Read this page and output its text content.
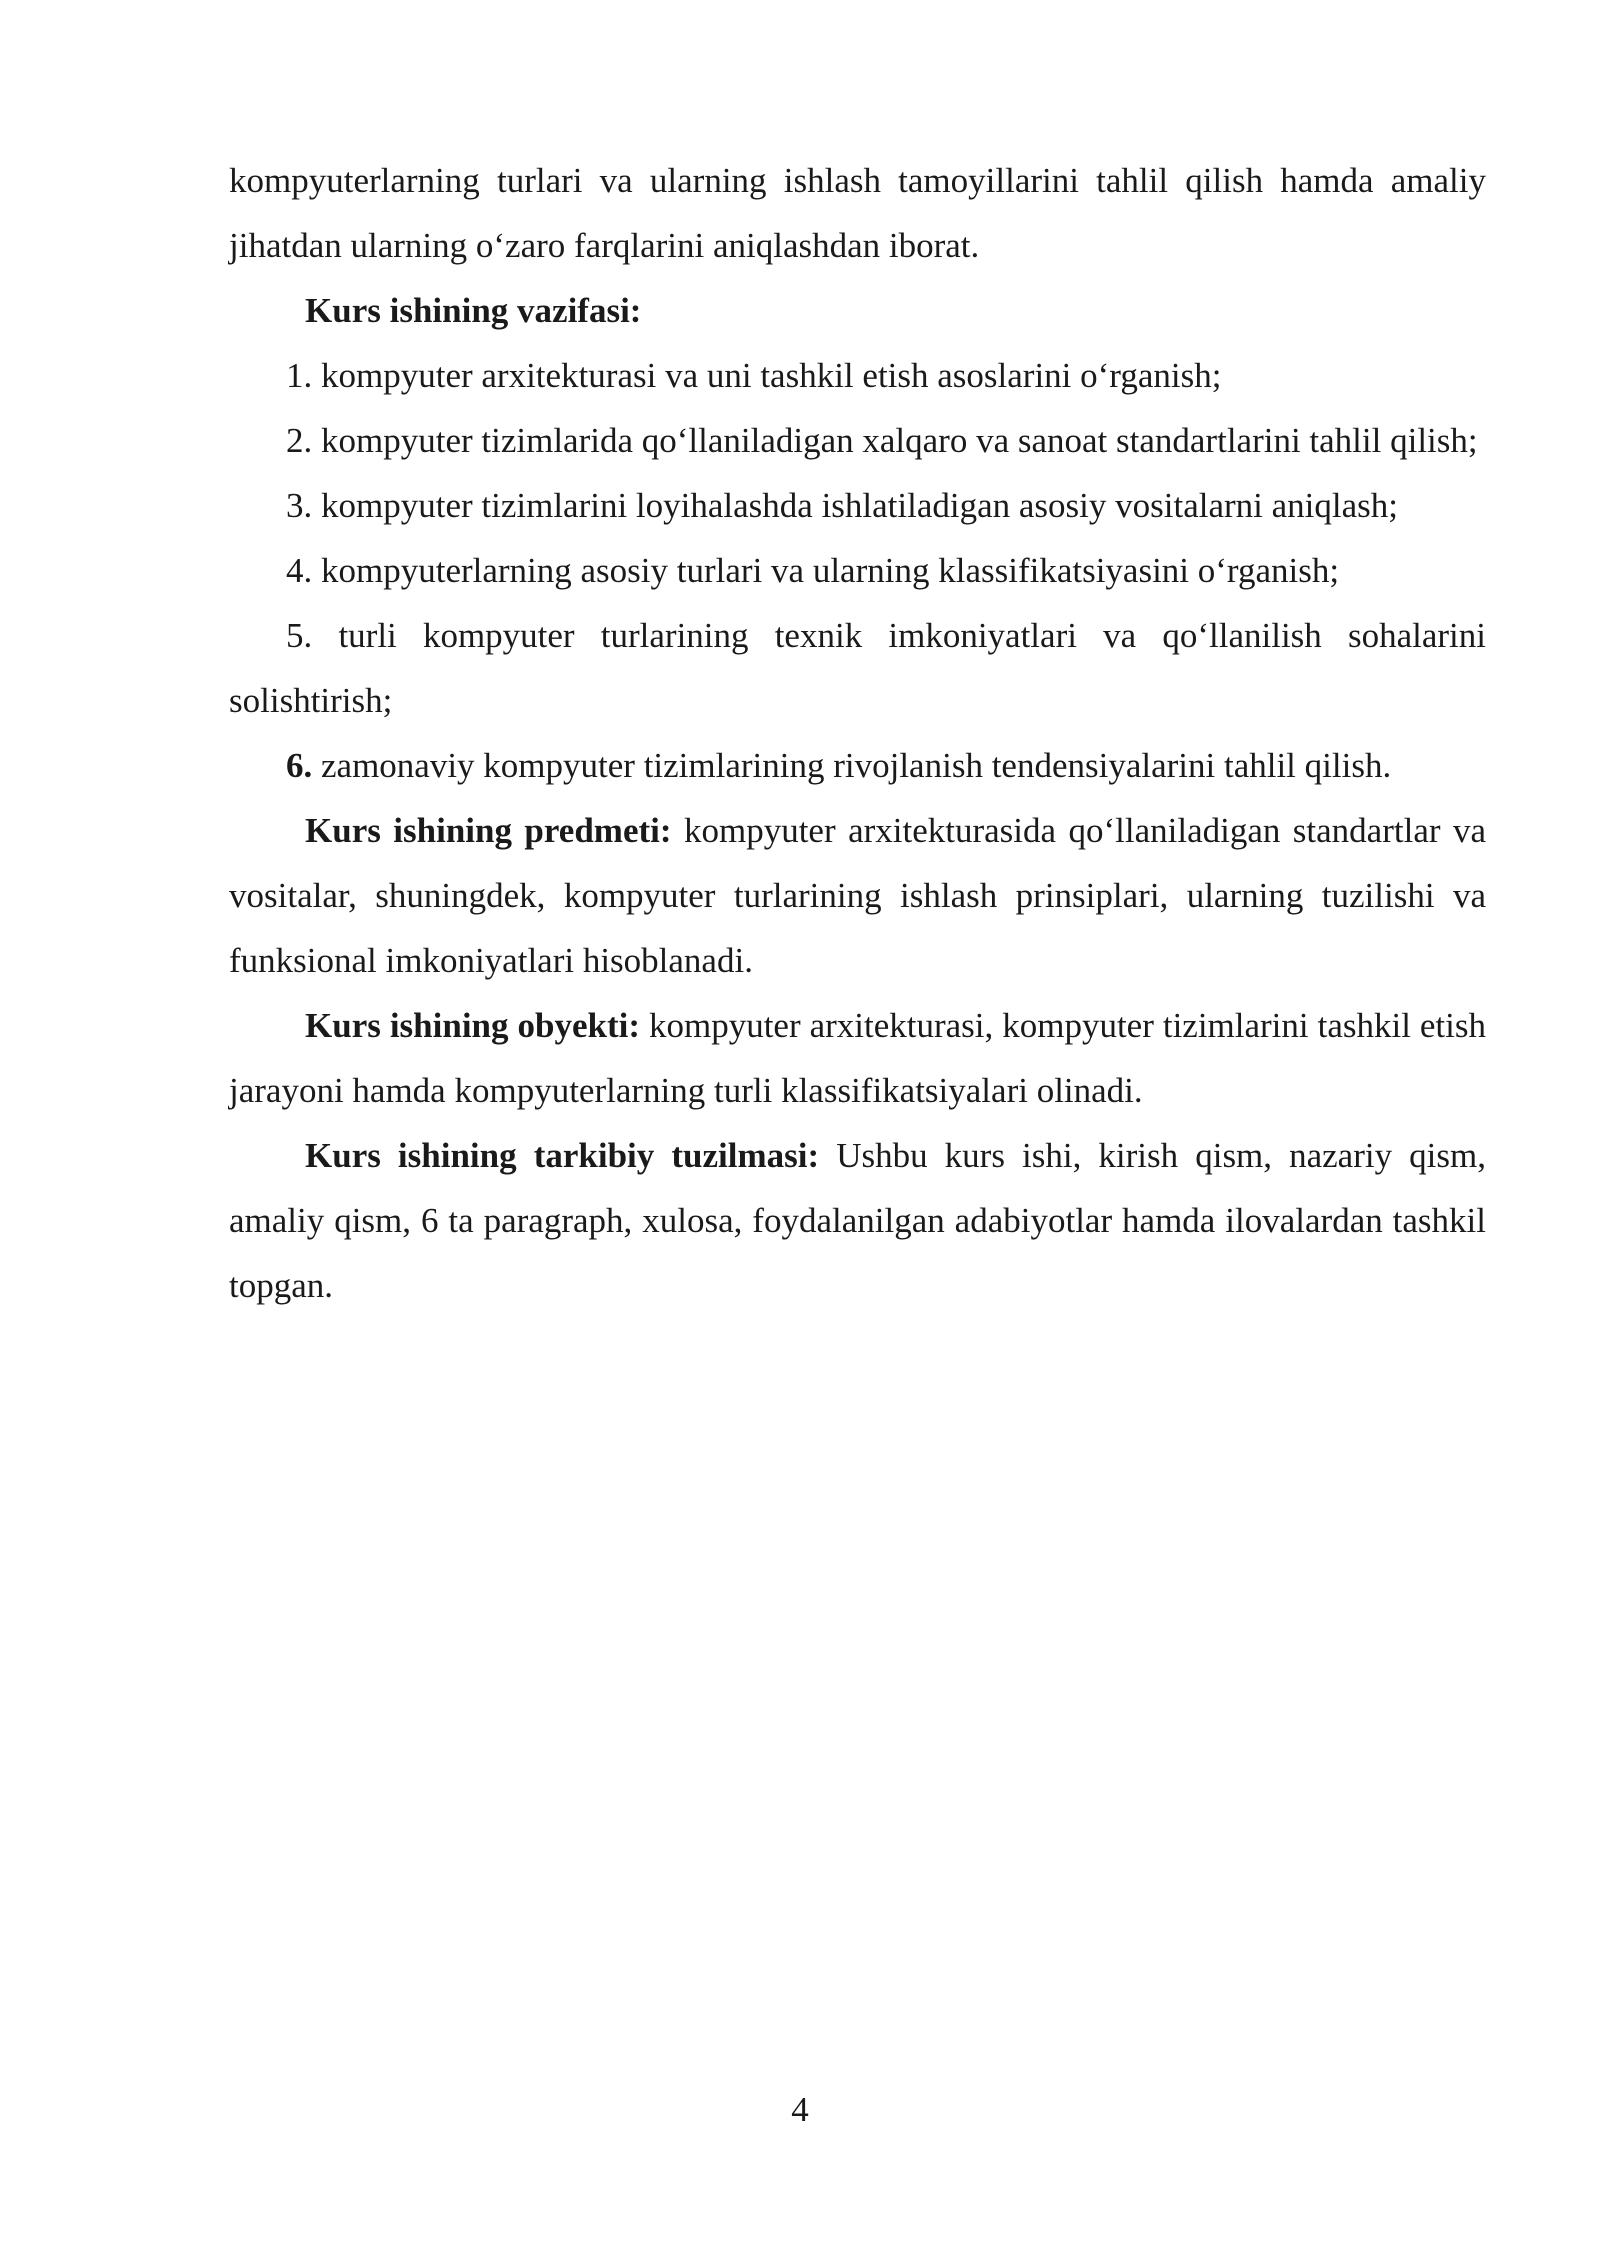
kompyuterlarning turlari va ularning ishlash tamoyillarini tahlil qilish hamda amaliy jihatdan ularning o‘zaro farqlarini aniqlashdan iborat.

Kurs ishining vazifasi:

1. kompyuter arxitekturasi va uni tashkil etish asoslarini o‘rganish;

2. kompyuter tizimlarida qo‘llaniladigan xalqaro va sanoat standartlarini tahlil qilish;

3. kompyuter tizimlarini loyihalashda ishlatiladigan asosiy vositalarni aniqlash;

4. kompyuterlarning asosiy turlari va ularning klassifikatsiyasini o‘rganish;

5. turli kompyuter turlarining texnik imkoniyatlari va qo‘llanilish sohalarini solishtirish;

6. zamonaviy kompyuter tizimlarining rivojlanish tendensiyalarini tahlil qilish.

Kurs ishining predmeti: kompyuter arxitekturasida qo‘llaniladigan standartlar va vositalar, shuningdek, kompyuter turlarining ishlash prinsiplari, ularning tuzilishi va funksional imkoniyatlari hisoblanadi.

Kurs ishining obyekti: kompyuter arxitekturasi, kompyuter tizimlarini tashkil etish jarayoni hamda kompyuterlarning turli klassifikatsiyalari olinadi.

Kurs ishining tarkibiy tuzilmasi: Ushbu kurs ishi, kirish qism, nazariy qism, amaliy qism, 6 ta paragraph, xulosa, foydalanilgan adabiyotlar hamda ilovalardan tashkil topgan.

4
